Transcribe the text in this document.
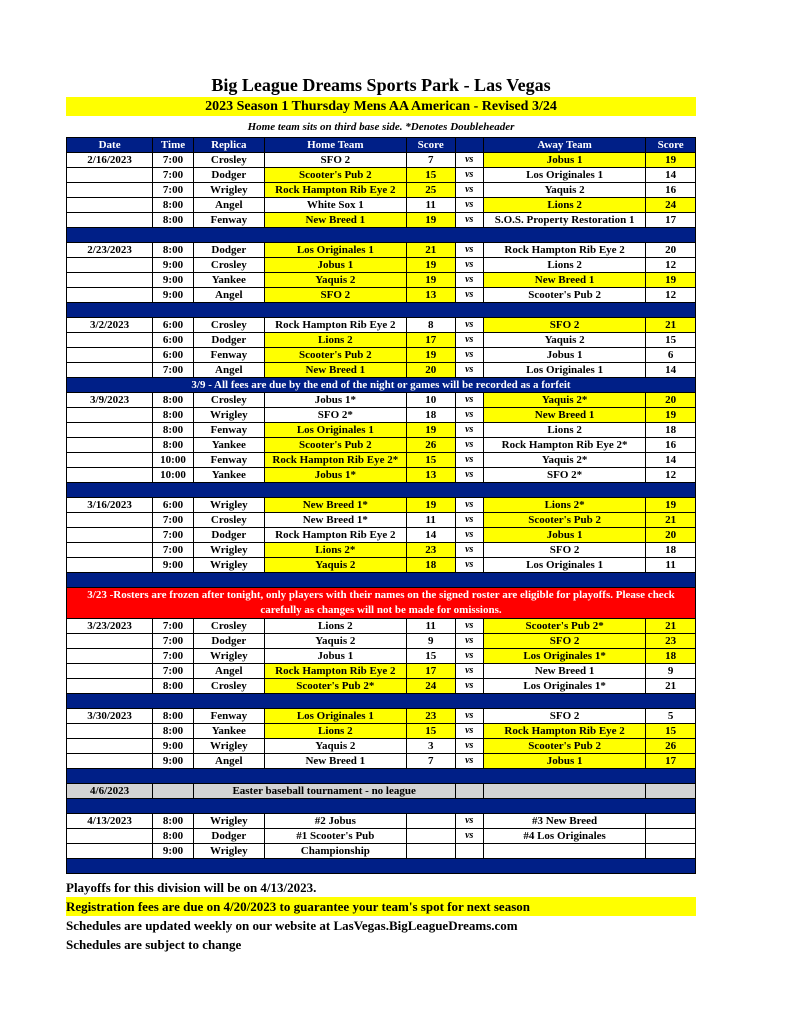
Big League Dreams Sports Park - Las Vegas
2023 Season 1 Thursday Mens AA American - Revised 3/24
Home team sits on third base side. *Denotes Doubleheader
Date	Time	Replica	Home Team	Score		Away Team	Score
2/16/2023	7:00	Crosley	SFO 2	7	vs	Jobus 1	19
	7:00	Dodger	Scooter's Pub 2	15	vs	Los Originales 1	14
	7:00	Wrigley	Rock Hampton Rib Eye 2	25	vs	Yaquis 2	16
	8:00	Angel	White Sox 1	11	vs	Lions 2	24
	8:00	Fenway	New Breed 1	19	vs	S.O.S. Property Restoration 1	17

2/23/2023	8:00	Dodger	Los Originales 1	21	vs	Rock Hampton Rib Eye 2	20
	9:00	Crosley	Jobus 1	19	vs	Lions 2	12
	9:00	Yankee	Yaquis 2	19	vs	New Breed 1	19
	9:00	Angel	SFO 2	13	vs	Scooter's Pub 2	12

3/2/2023	6:00	Crosley	Rock Hampton Rib Eye 2	8	vs	SFO 2	21
	6:00	Dodger	Lions 2	17	vs	Yaquis 2	15
	6:00	Fenway	Scooter's Pub 2	19	vs	Jobus 1	6
	7:00	Angel	New Breed 1	20	vs	Los Originales 1	14
3/9 - All fees are due by the end of the night or games will be recorded as a forfeit							
3/9/2023	8:00	Crosley	Jobus 1*	10	vs	Yaquis 2*	20
	8:00	Wrigley	SFO 2*	18	vs	New Breed 1	19
	8:00	Fenway	Los Originales 1	19	vs	Lions 2	18
	8:00	Yankee	Scooter's Pub 2	26	vs	Rock Hampton Rib Eye 2*	16
	10:00	Fenway	Rock Hampton Rib Eye 2*	15	vs	Yaquis 2*	14
	10:00	Yankee	Jobus 1*	13	vs	SFO 2*	12

3/16/2023	6:00	Wrigley	New Breed 1*	19	vs	Lions 2*	19
	7:00	Crosley	New Breed 1*	11	vs	Scooter's Pub 2	21
	7:00	Dodger	Rock Hampton Rib Eye 2	14	vs	Jobus 1	20
	7:00	Wrigley	Lions 2*	23	vs	SFO 2	18
	9:00	Wrigley	Yaquis 2	18	vs	Los Originales 1	11

3/23 -Rosters are frozen after tonight, only players with their names on the signed roster are eligible for playoffs. Please check carefully as changes will not be made for omissions.							
3/23/2023	7:00	Crosley	Lions 2	11	vs	Scooter's Pub 2*	21
	7:00	Dodger	Yaquis 2	9	vs	SFO 2	23
	7:00	Wrigley	Jobus 1	15	vs	Los Originales 1*	18
	7:00	Angel	Rock Hampton Rib Eye 2	17	vs	New Breed 1	9
	8:00	Crosley	Scooter's Pub 2*	24	vs	Los Originales 1*	21

3/30/2023	8:00	Fenway	Los Originales 1	23	vs	SFO 2	5
	8:00	Yankee	Lions 2	15	vs	Rock Hampton Rib Eye 2	15
	9:00	Wrigley	Yaquis 2	3	vs	Scooter's Pub 2	26
	9:00	Angel	New Breed 1	7	vs	Jobus 1	17

4/6/2023		Easter baseball tournament - no league					

4/13/2023	8:00	Wrigley	#2 Jobus		vs	#3 New Breed	
	8:00	Dodger	#1 Scooter's Pub		vs	#4 Los Originales	
	9:00	Wrigley	Championship				

Playoffs for this division will be on 4/13/2023.
Registration fees are due on 4/20/2023 to guarantee your team's spot for next season
Schedules are updated weekly on our website at LasVegas.BigLeagueDreams.com
Schedules are subject to change
